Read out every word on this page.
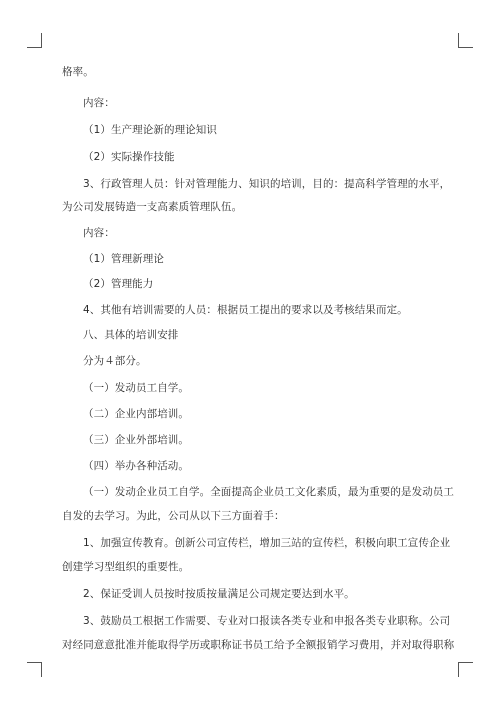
格率。
内容：
（1）生产理论新的理论知识
（2）实际操作技能
3、行政管理人员：针对管理能力、知识的培训，目的：提高科学管理的水平，
为公司发展铸造一支高素质管理队伍。
内容：
（1）管理新理论
（2）管理能力
4、其他有培训需要的人员：根据员工提出的要求以及考核结果而定。
八、具体的培训安排
分为４部分。
（一）发动员工自学。
（二）企业内部培训。
（三）企业外部培训。
（四）举办各种活动。
（一）发动企业员工自学。全面提高企业员工文化素质，最为重要的是发动员工
自发的去学习。为此，公司从以下三方面着手：
1、加强宣传教育。创新公司宣传栏，增加三站的宣传栏，积极向职工宣传企业
创建学习型组织的重要性。
2、保证受训人员按时按质按量满足公司规定要达到水平。
3、鼓励员工根据工作需要、专业对口报读各类专业和申报各类专业职称。公司
对经同意意批准并能取得学历或职称证书员工给予全额报销学习费用，并对取得职称
